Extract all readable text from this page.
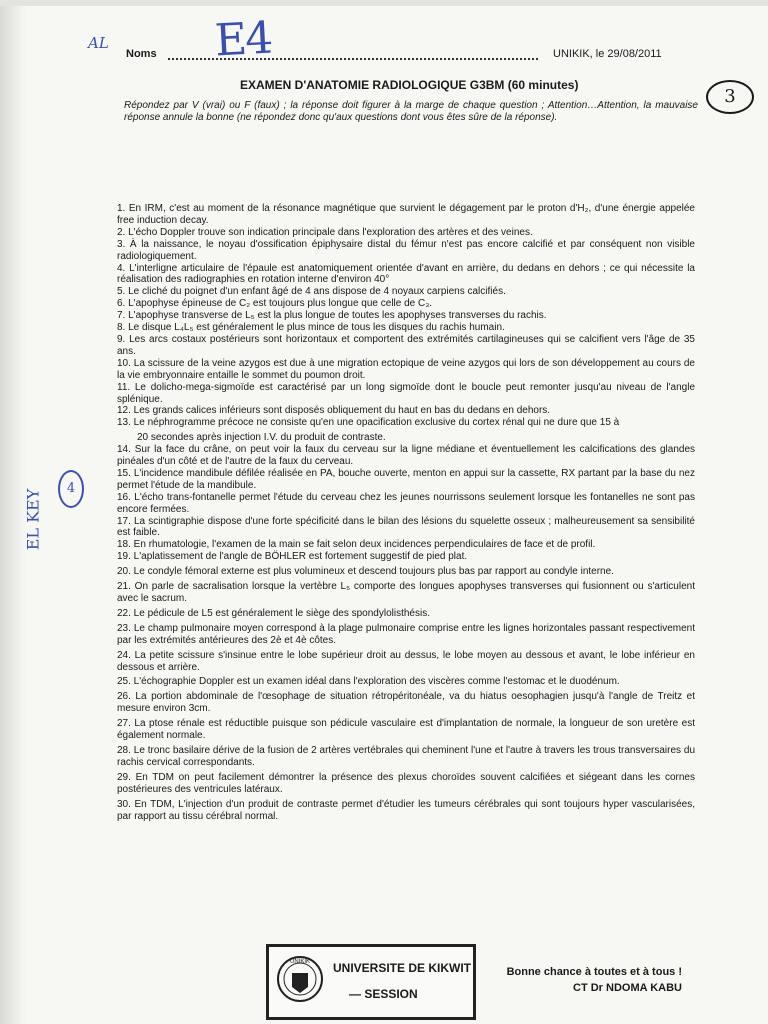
AL E4
3
Noms	UNIKIK, le 29/08/2011
EXAMEN D'ANATOMIE RADIOLOGIQUE G3BM (60 minutes)
Répondez par V (vrai) ou F (faux) ; la réponse doit figurer à la marge de chaque question ; Attention…Attention, la mauvaise réponse annule la bonne (ne répondez donc qu'aux questions dont vous êtes sûre de la réponse).

1. En IRM, c'est au moment de la résonance magnétique que survient le dégagement par le proton d'H₂, d'une énergie appelée free induction decay.

2. L'écho Doppler trouve son indication principale dans l'exploration des artères et des veines.

3. À la naissance, le noyau d'ossification épiphysaire distal du fémur n'est pas encore calcifié et par conséquent non visible radiologiquement.

4. L'interligne articulaire de l'épaule est anatomiquement orientée d'avant en arrière, du dedans en dehors ; ce qui nécessite la réalisation des radiographies en rotation interne d'environ 40°

5. Le cliché du poignet d'un enfant âgé de 4 ans dispose de 4 noyaux carpiens calcifiés.

6. L'apophyse épineuse de C₂ est toujours plus longue que celle de C₃.

7. L'apophyse transverse de L₅ est la plus longue de toutes les apophyses transverses du rachis.

8. Le disque L₄L₅ est généralement le plus mince de tous les disques du rachis humain.

9. Les arcs costaux postérieurs sont horizontaux et comportent des extrémités cartilagineuses qui se calcifient vers l'âge de 35 ans.

10. La scissure de la veine azygos est due à une migration ectopique de veine azygos qui lors de son développement au cours de la vie embryonnaire entaille le sommet du poumon droit.

11. Le dolicho-mega-sigmoïde est caractérisé par un long sigmoïde dont le boucle peut remonter jusqu'au niveau de l'angle splénique.

12. Les grands calices inférieurs sont disposés obliquement du haut en bas du dedans en dehors.

13. Le néphrogramme précoce ne consiste qu'en une opacification exclusive du cortex rénal qui ne dure que 15 à

20 secondes après injection I.V. du produit de contraste.

14. Sur la face du crâne, on peut voir la faux du cerveau sur la ligne médiane et éventuellement les calcifications des glandes pinéales d'un côté et de l'autre de la faux du cerveau.

15. L'incidence mandibule défilée réalisée en PA, bouche ouverte, menton en appui sur la cassette, RX partant par la base du nez permet l'étude de la mandibule.

16. L'écho trans-fontanelle permet l'étude du cerveau chez les jeunes nourrissons seulement lorsque les fontanelles ne sont pas encore fermées.

17. La scintigraphie dispose d'une forte spécificité dans le bilan des lésions du squelette osseux ; malheureusement sa sensibilité est faible.

18. En rhumatologie, l'examen de la main se fait selon deux incidences perpendiculaires de face et de profil.

19. L'aplatissement de l'angle de BÖHLER est fortement suggestif de pied plat.

20. Le condyle fémoral externe est plus volumineux et descend toujours plus bas par rapport au condyle interne.

21. On parle de sacralisation lorsque la vertèbre L₅ comporte des longues apophyses transverses qui fusionnent ou s'articulent avec le sacrum.

22. Le pédicule de L5 est généralement le siège des spondylolisthésis.

23. Le champ pulmonaire moyen correspond à la plage pulmonaire comprise entre les lignes horizontales passant respectivement par les extrémités antérieures des 2è et 4è côtes.

24. La petite scissure s'insinue entre le lobe supérieur droit au dessus, le lobe moyen au dessous et avant, le lobe inférieur en dessous et arrière.

25. L'échographie Doppler est un examen idéal dans l'exploration des viscères comme l'estomac et le duodénum.

26. La portion abdominale de l'œsophage de situation rétropéritonéale, va du hiatus oesophagien jusqu'à l'angle de Treitz et mesure environ 3cm.

27. La ptose rénale est réductible puisque son pédicule vasculaire est d'implantation de normale, la longueur de son uretère est également normale.

28. Le tronc basilaire dérive de la fusion de 2 artères vertébrales qui cheminent l'une et l'autre à travers les trous transversaires du rachis cervical correspondants.

29. En TDM on peut facilement démontrer la présence des plexus choroïdes souvent calcifiées et siégeant dans les cornes postérieures des ventricules latéraux.

30. En TDM, L'injection d'un produit de contraste permet d'étudier les tumeurs cérébrales qui sont toujours hyper vascularisées, par rapport au tissu cérébral normal.

4
EL KEY
UNIKIK UNIVERSITE DE KIKWIT
— SESSION
Bonne chance à toutes et à tous !
CT Dr NDOMA KABU
